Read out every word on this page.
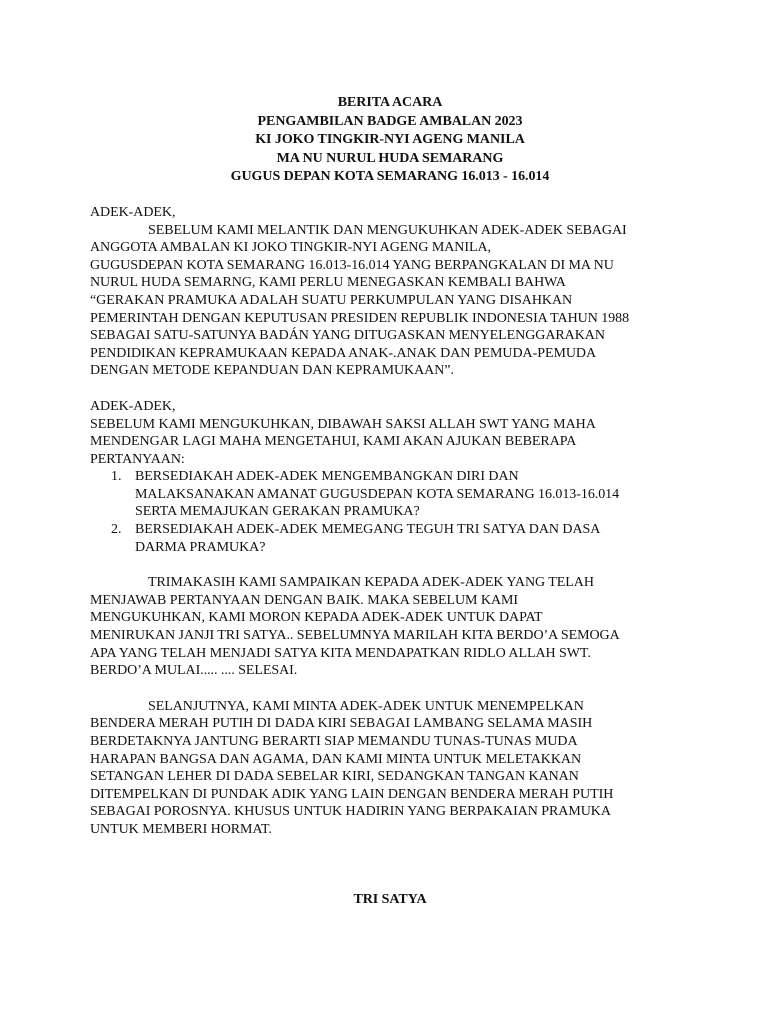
BERITA ACARA
PENGAMBILAN BADGE AMBALAN 2023
KI JOKO TINGKIR-NYI AGENG MANILA
MA NU NURUL HUDA SEMARANG
GUGUS DEPAN KOTA SEMARANG 16.013 - 16.014
ADEK-ADEK,
SEBELUM KAMI MELANTIK DAN MENGUKUHKAN ADEK-ADEK SEBAGAI
ANGGOTA AMBALAN KI JOKO TINGKIR-NYI AGENG MANILA,
GUGUSDEPAN KOTA SEMARANG 16.013-16.014 YANG BERPANGKALAN DI MA NU
NURUL HUDA SEMARNG, KAMI PERLU MENEGASKAN KEMBALI BAHWA
“GERAKAN PRAMUKA ADALAH SUATU PERKUMPULAN YANG DISAHKAN
PEMERINTAH DENGAN KEPUTUSAN PRESIDEN REPUBLIK INDONESIA TAHUN 1988
SEBAGAI SATU-SATUNYA BADÁN YANG DITUGASKAN MENYELENGGARAKAN
PENDIDIKAN KEPRAMUKAAN KEPADA ANAK-.ANAK DAN PEMUDA-PEMUDA
DENGAN METODE KEPANDUAN DAN KEPRAMUKAAN”.
ADEK-ADEK,
SEBELUM KAMI MENGUKUHKAN, DIBAWAH SAKSI ALLAH SWT YANG MAHA
MENDENGAR LAGI MAHA MENGETAHUI, KAMI AKAN AJUKAN BEBERAPA
PERTANYAAN:
1. BERSEDIAKAH ADEK-ADEK MENGEMBANGKAN DIRI DAN
MALAKSANAKAN AMANAT GUGUSDEPAN KOTA SEMARANG 16.013-16.014
SERTA MEMAJUKAN GERAKAN PRAMUKA?
2. BERSEDIAKAH ADEK-ADEK MEMEGANG TEGUH TRI SATYA DAN DASA
DARMA PRAMUKA?
TRIMAKASIH KAMI SAMPAIKAN KEPADA ADEK-ADEK YANG TELAH
MENJAWAB PERTANYAAN DENGAN BAIK. MAKA SEBELUM KAMI
MENGUKUHKAN, KAMI MORON KEPADA ADEK-ADEK UNTUK DAPAT
MENIRUKAN JANJI TRI SATYA.. SEBELUMNYA MARILAH KITA BERDO’A SEMOGA
APA YANG TELAH MENJADI SATYA KITA MENDAPATKAN RIDLO ALLAH SWT.
BERDO’A MULAI..... .... SELESAI.
SELANJUTNYA, KAMI MINTA ADEK-ADEK UNTUK MENEMPELKAN
BENDERA MERAH PUTIH DI DADA KIRI SEBAGAI LAMBANG SELAMA MASIH
BERDETAKNYA JANTUNG BERARTI SIAP MEMANDU TUNAS-TUNAS MUDA
HARAPAN BANGSA DAN AGAMA, DAN KAMI MINTA UNTUK MELETAKKAN
SETANGAN LEHER DI DADA SEBELAR KIRI, SEDANGKAN TANGAN KANAN
DITEMPELKAN DI PUNDAK ADIK YANG LAIN DENGAN BENDERA MERAH PUTIH
SEBAGAI POROSNYA. KHUSUS UNTUK HADIRIN YANG BERPAKAIAN PRAMUKA
UNTUK MEMBERI HORMAT.
TRI SATYA
